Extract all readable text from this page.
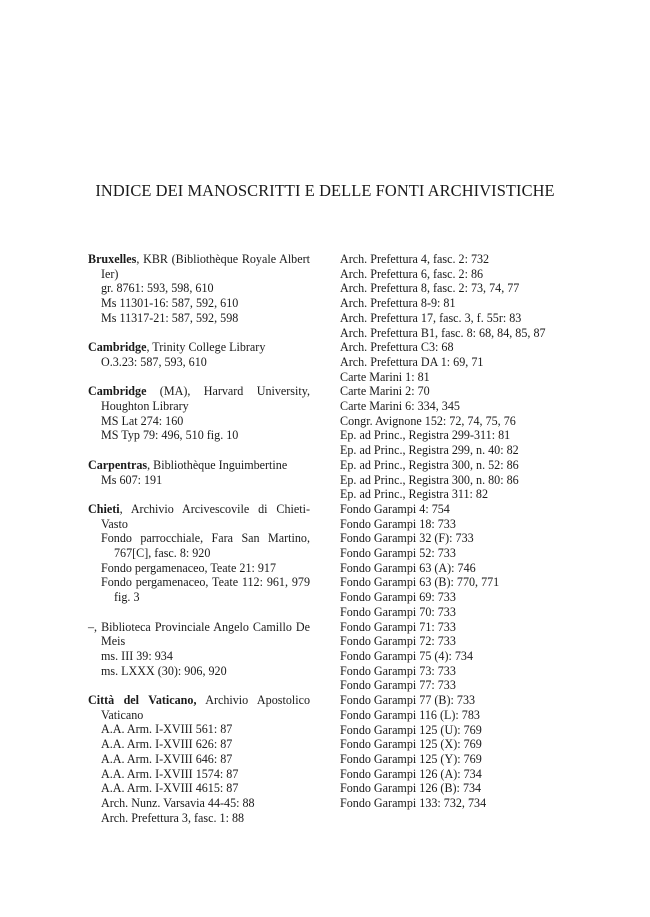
INDICE DEI MANOSCRITTI E DELLE FONTI ARCHIVISTICHE
Bruxelles, KBR (Bibliothèque Royale Albert Ier)
gr. 8761: 593, 598, 610
Ms 11301-16: 587, 592, 610
Ms 11317-21: 587, 592, 598
Cambridge, Trinity College Library
O.3.23: 587, 593, 610
Cambridge (MA), Harvard University, Houghton Library
MS Lat 274: 160
MS Typ 79: 496, 510 fig. 10
Carpentras, Bibliothèque Inguimbertine
Ms 607: 191
Chieti, Archivio Arcivescovile di Chieti-Vasto
Fondo parrocchiale, Fara San Martino, 767[C], fasc. 8: 920
Fondo pergamenaceo, Teate 21: 917
Fondo pergamenaceo, Teate 112: 961, 979 fig. 3
–, Biblioteca Provinciale Angelo Camillo De Meis
ms. III 39: 934
ms. LXXX (30): 906, 920
Città del Vaticano, Archivio Apostolico Vaticano
A.A. Arm. I-XVIII 561: 87
A.A. Arm. I-XVIII 626: 87
A.A. Arm. I-XVIII 646: 87
A.A. Arm. I-XVIII 1574: 87
A.A. Arm. I-XVIII 4615: 87
Arch. Nunz. Varsavia 44-45: 88
Arch. Prefettura 3, fasc. 1: 88
Arch. Prefettura 4, fasc. 2: 732
Arch. Prefettura 6, fasc. 2: 86
Arch. Prefettura 8, fasc. 2: 73, 74, 77
Arch. Prefettura 8-9: 81
Arch. Prefettura 17, fasc. 3, f. 55r: 83
Arch. Prefettura B1, fasc. 8: 68, 84, 85, 87
Arch. Prefettura C3: 68
Arch. Prefettura DA 1: 69, 71
Carte Marini 1: 81
Carte Marini 2: 70
Carte Marini 6: 334, 345
Congr. Avignone 152: 72, 74, 75, 76
Ep. ad Princ., Registra 299-311: 81
Ep. ad Princ., Registra 299, n. 40: 82
Ep. ad Princ., Registra 300, n. 52: 86
Ep. ad Princ., Registra 300, n. 80: 86
Ep. ad Princ., Registra 311: 82
Fondo Garampi 4: 754
Fondo Garampi 18: 733
Fondo Garampi 32 (F): 733
Fondo Garampi 52: 733
Fondo Garampi 63 (A): 746
Fondo Garampi 63 (B): 770, 771
Fondo Garampi 69: 733
Fondo Garampi 70: 733
Fondo Garampi 71: 733
Fondo Garampi 72: 733
Fondo Garampi 75 (4): 734
Fondo Garampi 73: 733
Fondo Garampi 77: 733
Fondo Garampi 77 (B): 733
Fondo Garampi 116 (L): 783
Fondo Garampi 125 (U): 769
Fondo Garampi 125 (X): 769
Fondo Garampi 125 (Y): 769
Fondo Garampi 126 (A): 734
Fondo Garampi 126 (B): 734
Fondo Garampi 133: 732, 734
